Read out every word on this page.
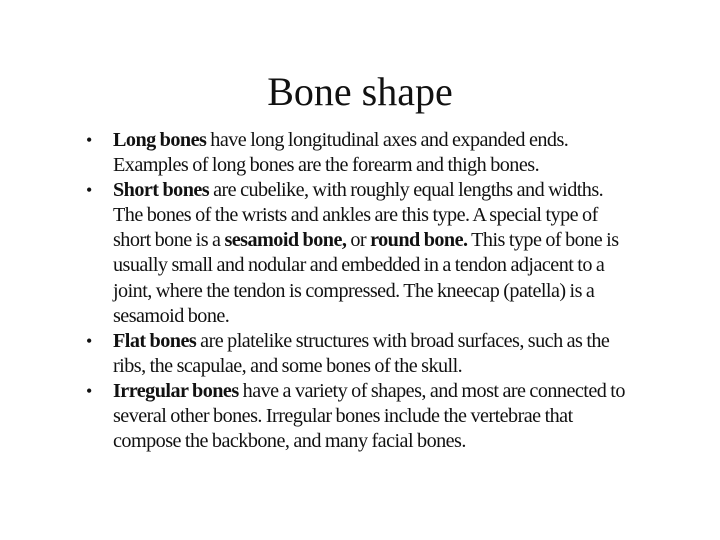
Bone shape
• Long bones have long longitudinal axes and expanded ends. Examples of long bones are the forearm and thigh bones.
• Short bones are cubelike, with roughly equal lengths and widths. The bones of the wrists and ankles are this type. A special type of short bone is a sesamoid bone, or round bone. This type of bone is usually small and nodular and embedded in a tendon adjacent to a joint, where the tendon is compressed. The kneecap (patella) is a sesamoid bone.
• Flat bones are platelike structures with broad surfaces, such as the ribs, the scapulae, and some bones of the skull.
• Irregular bones have a variety of shapes, and most are connected to several other bones. Irregular bones include the vertebrae that compose the backbone, and many facial bones.
